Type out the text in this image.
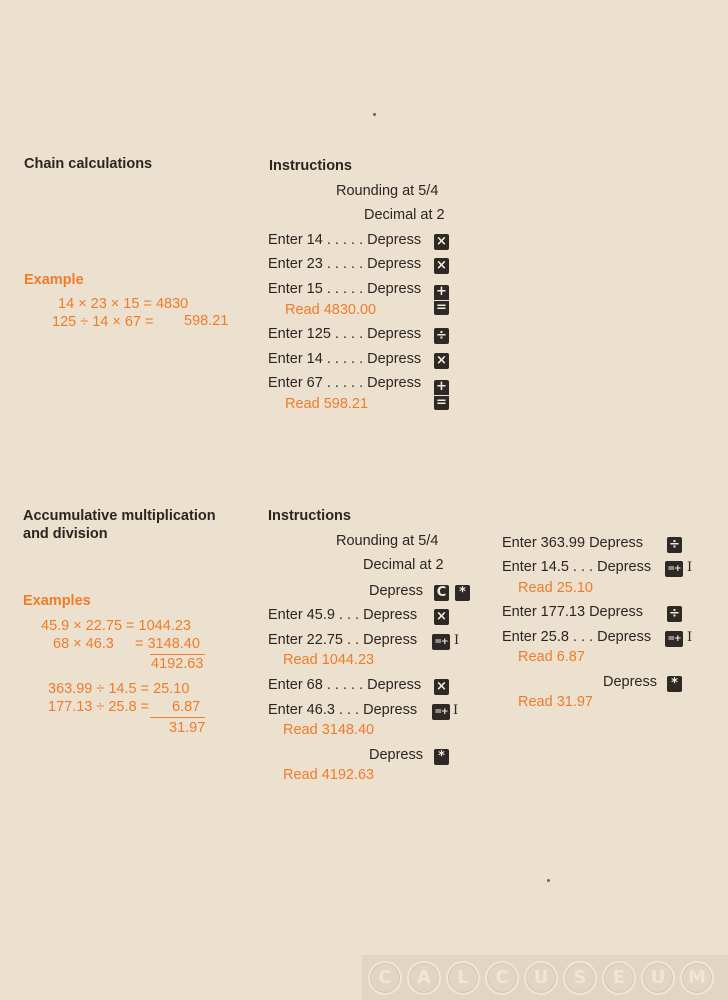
Chain calculations
Example
14 × 23 × 15 = 4830
125 ÷ 14 × 67 = 598.21
Instructions
Rounding at 5/4
Decimal at 2
Enter 14 . . . . . Depress ×
Enter 23 . . . . . Depress ×
Enter 15 . . . . . Depress +
=
Read 4830.00
Enter 125 . . . . Depress ÷
Enter 14 . . . . . Depress ×
Enter 67 . . . . . Depress +
=
Read 598.21
Accumulative multiplication and division
Examples
45.9 × 22.75 = 1044.23
68 × 46.3 = 3148.40
4192.63
363.99 ÷ 14.5 = 25.10
177.13 ÷ 25.8 = 6.87
31.97
Instructions
Rounding at 5/4
Decimal at 2
Depress C *
Enter 45.9 . . . Depress ×
Enter 22.75 . . Depress =+ I
Read 1044.23
Enter 68 . . . . . Depress ×
Enter 46.3 . . . Depress =+ I
Read 3148.40
Depress	*
Read 4192.63
Enter 363.99 Depress ÷
Enter 14.5 . . . Depress =+ I
Read 25.10
Enter 177.13 Depress ÷
Enter 25.8 . . . Depress =+ I
Read 6.87
Depress	*
Read 31.97
C	A	L	C	U	S	E	U	M
